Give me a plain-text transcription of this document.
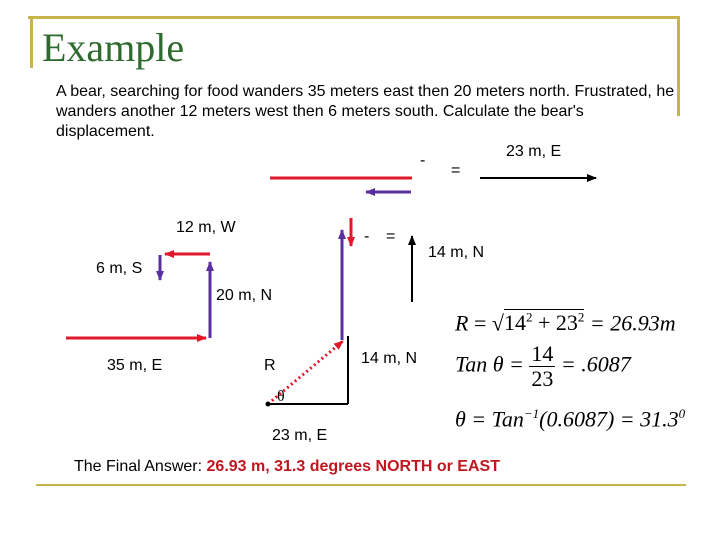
Example

A bear, searching for food wanders 35 meters east then 20 meters north. Frustrated, he wanders another 12 meters west then 6 meters south. Calculate the bear's displacement.

35 m, E
20 m, N
12 m, W
6 m, S
-
=
23 m, E
- =
14 m, N
14 m, N
R
θ
23 m, E
$R = √14^2 + 23^2 = 26.93m$
Tan $\theta = \frac{14}{23} = .6087$
$\theta = Tan^{-1}(0.6087) = 31.3^0$
The Final Answer: 26.93 m, 31.3 degrees NORTH or EAST
